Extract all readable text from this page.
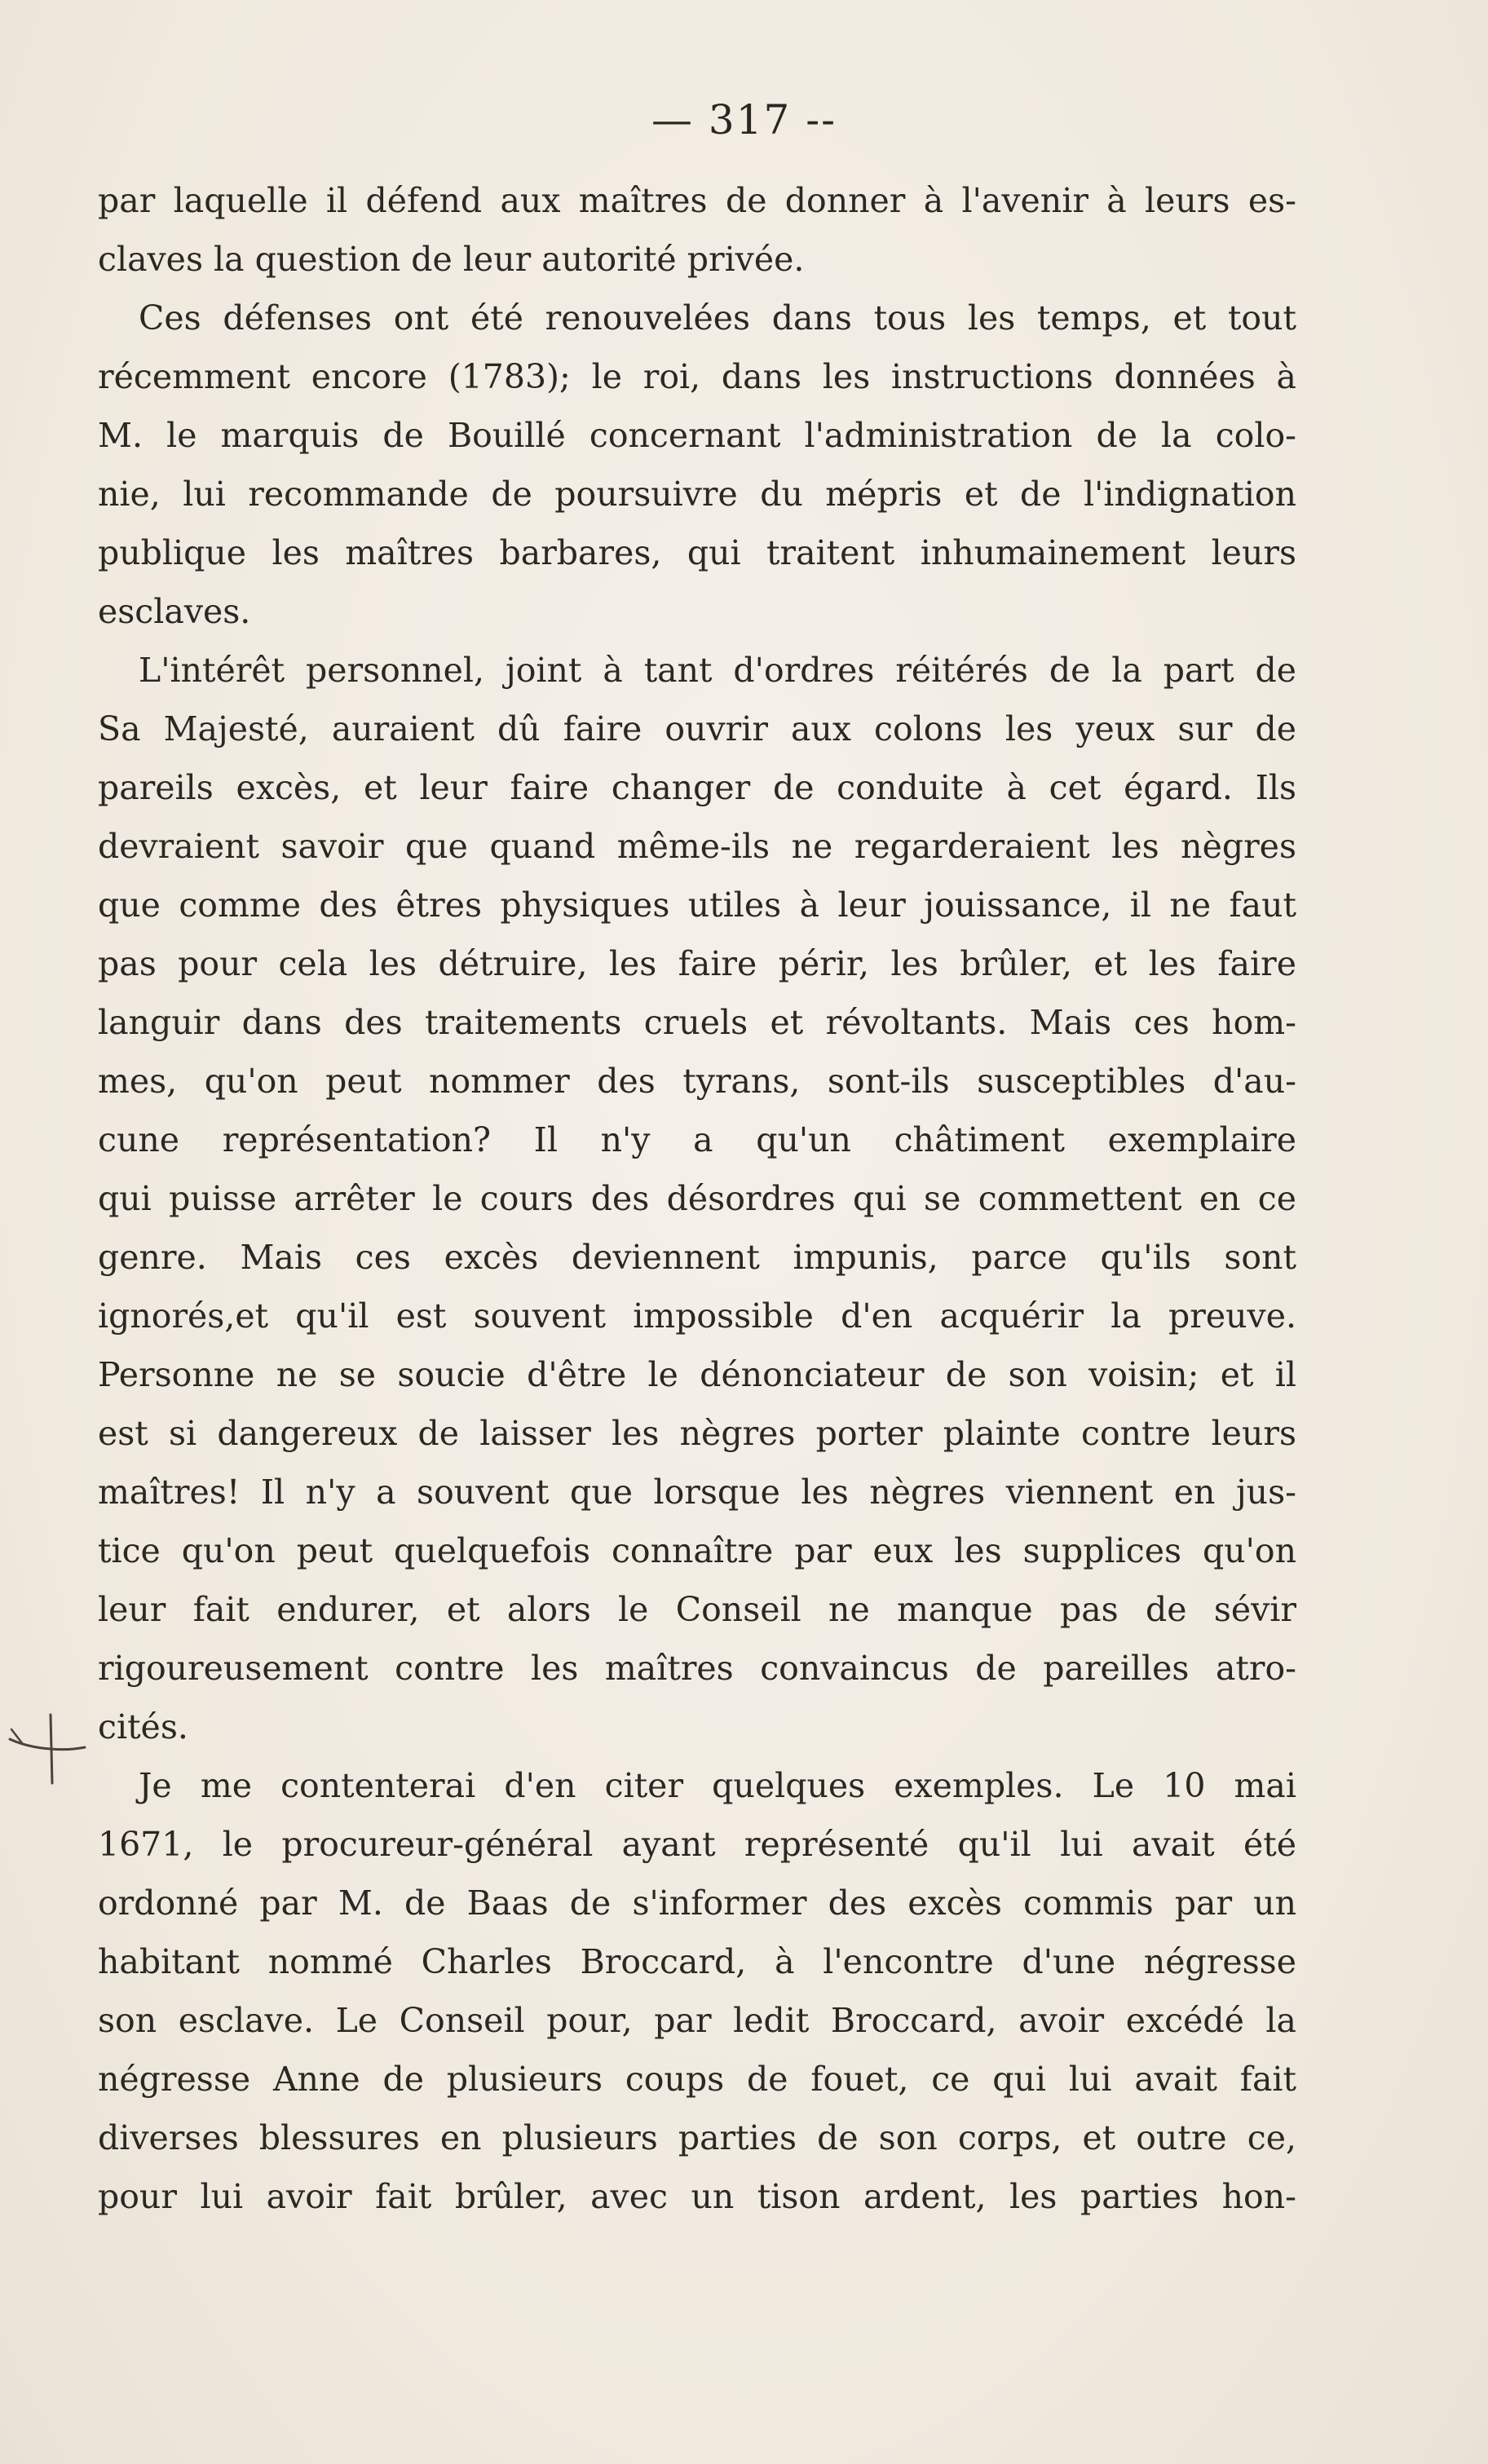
— 317 --
par laquelle il défend aux maîtres de donner à l'avenir à leurs es-
claves la question de leur autorité privée.
Ces défenses ont été renouvelées dans tous les temps, et tout
récemment encore (1783); le roi, dans les instructions données à
M. le marquis de Bouillé concernant l'administration de la colo-
nie, lui recommande de poursuivre du mépris et de l'indignation
publique les maîtres barbares, qui traitent inhumainement leurs
esclaves.
L'intérêt personnel, joint à tant d'ordres réitérés de la part de
Sa Majesté, auraient dû faire ouvrir aux colons les yeux sur de
pareils excès, et leur faire changer de conduite à cet égard. Ils
devraient savoir que quand même-ils ne regarderaient les nègres
que comme des êtres physiques utiles à leur jouissance, il ne faut
pas pour cela les détruire, les faire périr, les brûler, et les faire
languir dans des traitements cruels et révoltants. Mais ces hom-
mes, qu'on peut nommer des tyrans, sont-ils susceptibles d'au-
cune représentation? Il n'y a qu'un châtiment exemplaire
qui puisse arrêter le cours des désordres qui se commettent en ce
genre. Mais ces excès deviennent impunis, parce qu'ils sont
ignorés,et qu'il est souvent impossible d'en acquérir la preuve.
Personne ne se soucie d'être le dénonciateur de son voisin; et il
est si dangereux de laisser les nègres porter plainte contre leurs
maîtres! Il n'y a souvent que lorsque les nègres viennent en jus-
tice qu'on peut quelquefois connaître par eux les supplices qu'on
leur fait endurer, et alors le Conseil ne manque pas de sévir
rigoureusement contre les maîtres convaincus de pareilles atro-
cités.
Je me contenterai d'en citer quelques exemples. Le 10 mai
1671, le procureur-général ayant représenté qu'il lui avait été
ordonné par M. de Baas de s'informer des excès commis par un
habitant nommé Charles Broccard, à l'encontre d'une négresse
son esclave. Le Conseil pour, par ledit Broccard, avoir excédé la
négresse Anne de plusieurs coups de fouet, ce qui lui avait fait
diverses blessures en plusieurs parties de son corps, et outre ce,
pour lui avoir fait brûler, avec un tison ardent, les parties hon-
